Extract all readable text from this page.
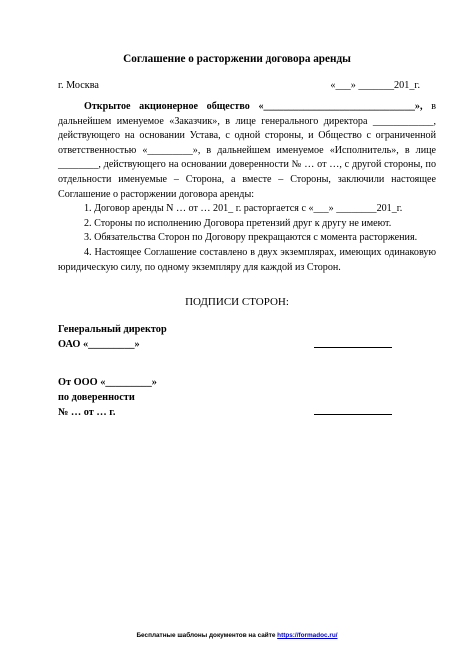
Соглашение о расторжении договора аренды
г. Москва	«___» _______201_г.

Открытое акционерное общество «______________________________», в дальнейшем именуемое «Заказчик», в лице генерального директора ____________, действующего на основании Устава, с одной стороны, и Общество с ограниченной ответственностью «_________», в дальнейшем именуемое «Исполнитель», в лице ________, действующего на основании доверенности № … от …, с другой стороны, по отдельности именуемые – Сторона, а вместе – Стороны, заключили настоящее Соглашение о расторжении договора аренды:

1. Договор аренды N … от … 201_ г. расторгается с «___» ________201_г.

2. Стороны по исполнению Договора претензий друг к другу не имеют.

3. Обязательства Сторон по Договору прекращаются с момента расторжения.

4. Настоящее Соглашение составлено в двух экземплярах, имеющих одинаковую юридическую силу, по одному экземпляру для каждой из Сторон.

ПОДПИСИ СТОРОН:
Генеральный директор
ОАО «_________»
От ООО «_________»
по доверенности
№ … от … г.
Бесплатные шаблоны документов на сайте https://formadoc.ru/
